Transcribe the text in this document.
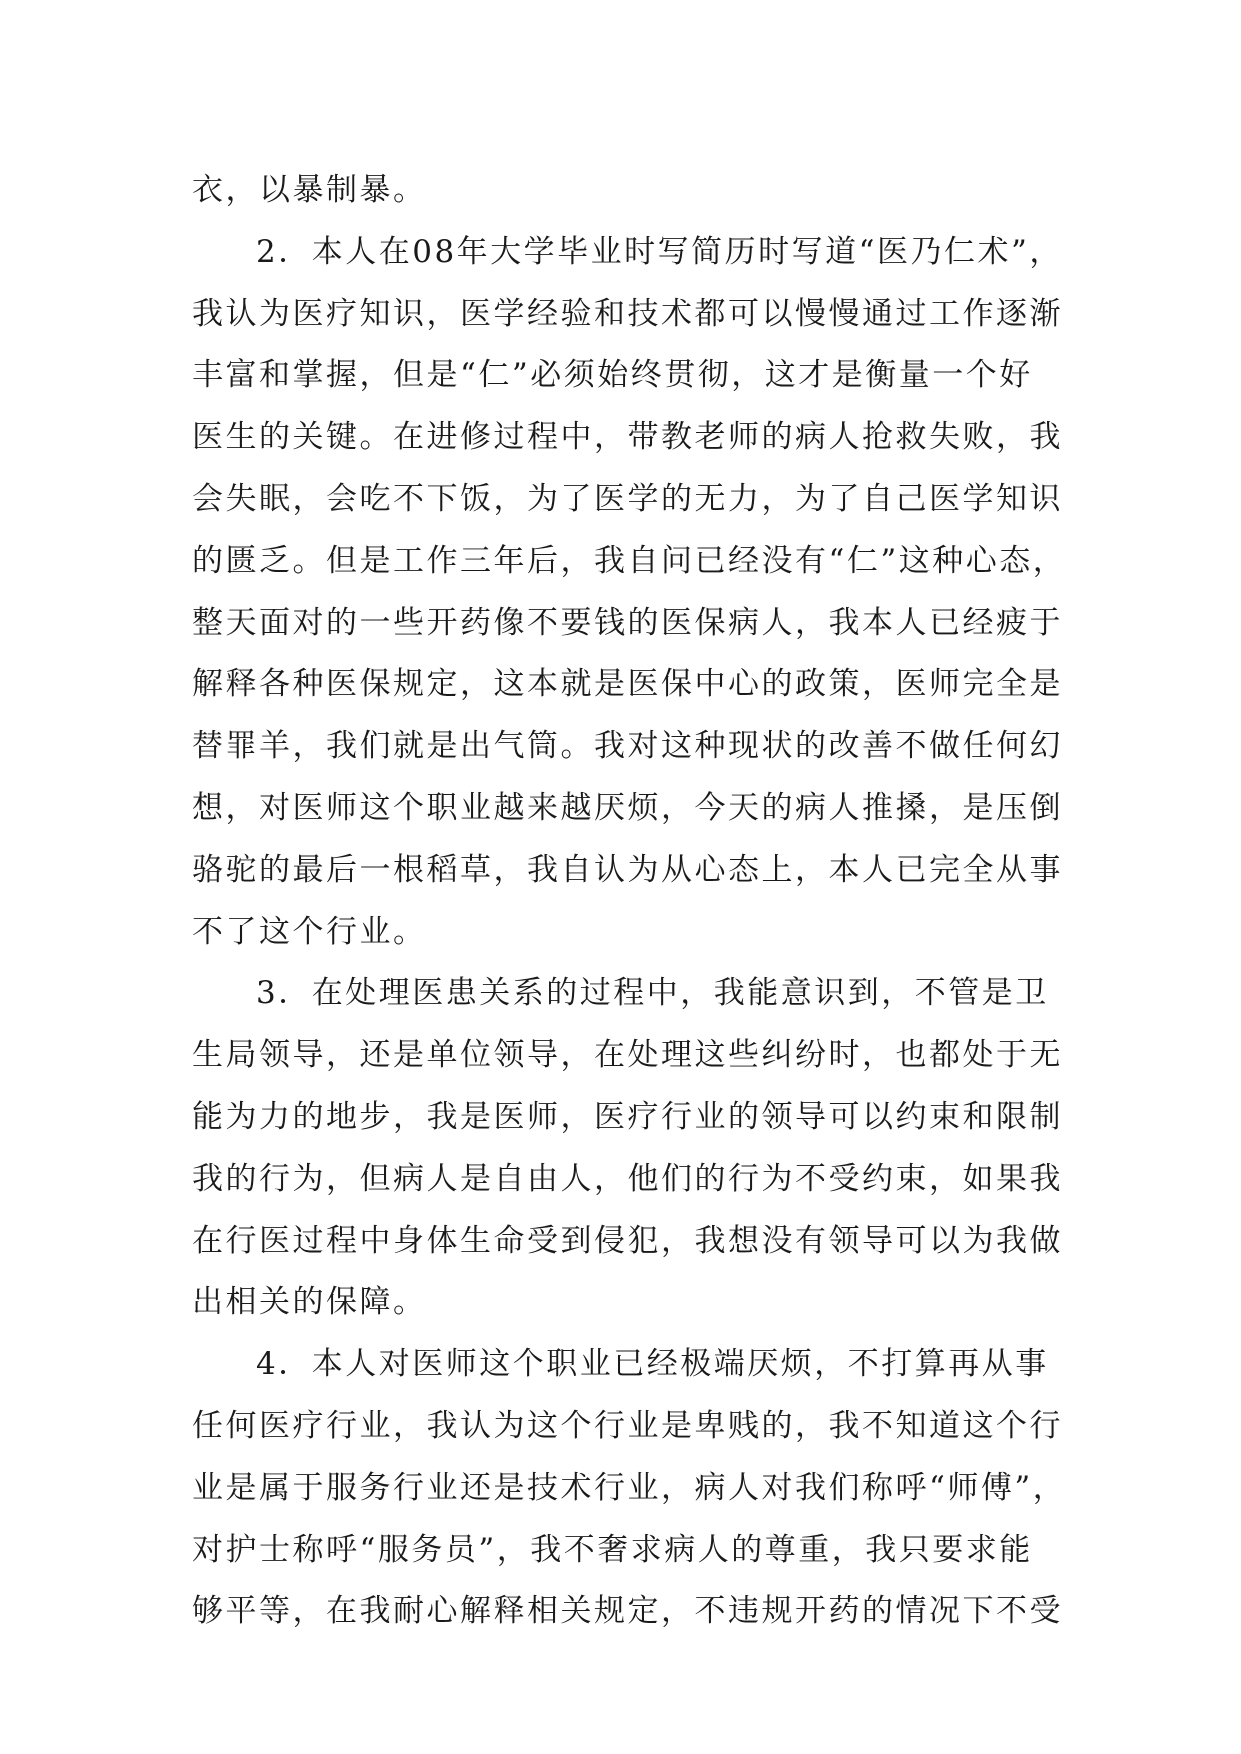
衣，以暴制暴。
2．本人在08年大学毕业时写简历时写道“医乃仁术”，
我认为医疗知识，医学经验和技术都可以慢慢通过工作逐渐
丰富和掌握，但是“仁”必须始终贯彻，这才是衡量一个好
医生的关键。在进修过程中，带教老师的病人抢救失败，我
会失眠，会吃不下饭，为了医学的无力，为了自己医学知识
的匮乏。但是工作三年后，我自问已经没有“仁”这种心态，
整天面对的一些开药像不要钱的医保病人，我本人已经疲于
解释各种医保规定，这本就是医保中心的政策，医师完全是
替罪羊，我们就是出气筒。我对这种现状的改善不做任何幻
想，对医师这个职业越来越厌烦，今天的病人推搡，是压倒
骆驼的最后一根稻草，我自认为从心态上，本人已完全从事
不了这个行业。
3．在处理医患关系的过程中，我能意识到，不管是卫
生局领导，还是单位领导，在处理这些纠纷时，也都处于无
能为力的地步，我是医师，医疗行业的领导可以约束和限制
我的行为，但病人是自由人，他们的行为不受约束，如果我
在行医过程中身体生命受到侵犯，我想没有领导可以为我做
出相关的保障。
4．本人对医师这个职业已经极端厌烦，不打算再从事
任何医疗行业，我认为这个行业是卑贱的，我不知道这个行
业是属于服务行业还是技术行业，病人对我们称呼“师傅”，
对护士称呼“服务员”，我不奢求病人的尊重，我只要求能
够平等，在我耐心解释相关规定，不违规开药的情况下不受
